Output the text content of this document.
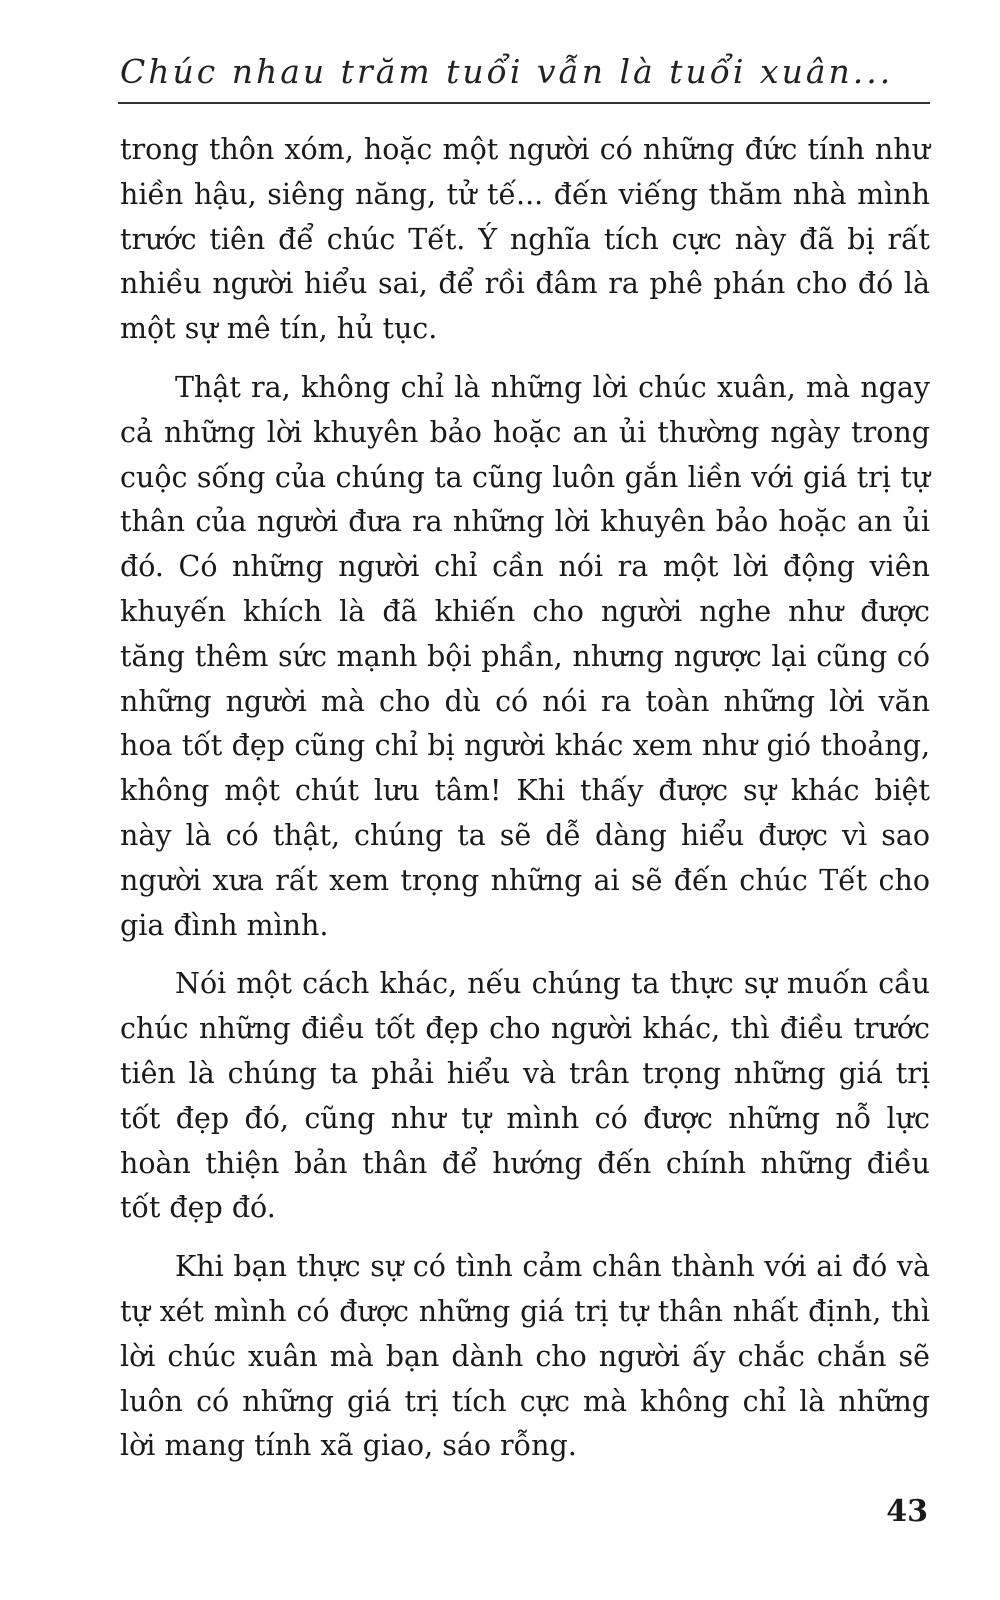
Chúc nhau trăm tuổi vẫn là tuổi xuân...

trong thôn xóm, hoặc một người có những đức tính như hiền hậu, siêng năng, tử tế... đến viếng thăm nhà mình trước tiên để chúc Tết. Ý nghĩa tích cực này đã bị rất nhiều người hiểu sai, để rồi đâm ra phê phán cho đó là một sự mê tín, hủ tục.

Thật ra, không chỉ là những lời chúc xuân, mà ngay cả những lời khuyên bảo hoặc an ủi thường ngày trong cuộc sống của chúng ta cũng luôn gắn liền với giá trị tự thân của người đưa ra những lời khuyên bảo hoặc an ủi đó. Có những người chỉ cần nói ra một lời động viên khuyến khích là đã khiến cho người nghe như được tăng thêm sức mạnh bội phần, nhưng ngược lại cũng có những người mà cho dù có nói ra toàn những lời văn hoa tốt đẹp cũng chỉ bị người khác xem như gió thoảng, không một chút lưu tâm! Khi thấy được sự khác biệt này là có thật, chúng ta sẽ dễ dàng hiểu được vì sao người xưa rất xem trọng những ai sẽ đến chúc Tết cho gia đình mình.

Nói một cách khác, nếu chúng ta thực sự muốn cầu chúc những điều tốt đẹp cho người khác, thì điều trước tiên là chúng ta phải hiểu và trân trọng những giá trị tốt đẹp đó, cũng như tự mình có được những nỗ lực hoàn thiện bản thân để hướng đến chính những điều tốt đẹp đó.

Khi bạn thực sự có tình cảm chân thành với ai đó và tự xét mình có được những giá trị tự thân nhất định, thì lời chúc xuân mà bạn dành cho người ấy chắc chắn sẽ luôn có những giá trị tích cực mà không chỉ là những lời mang tính xã giao, sáo rỗng.

43
